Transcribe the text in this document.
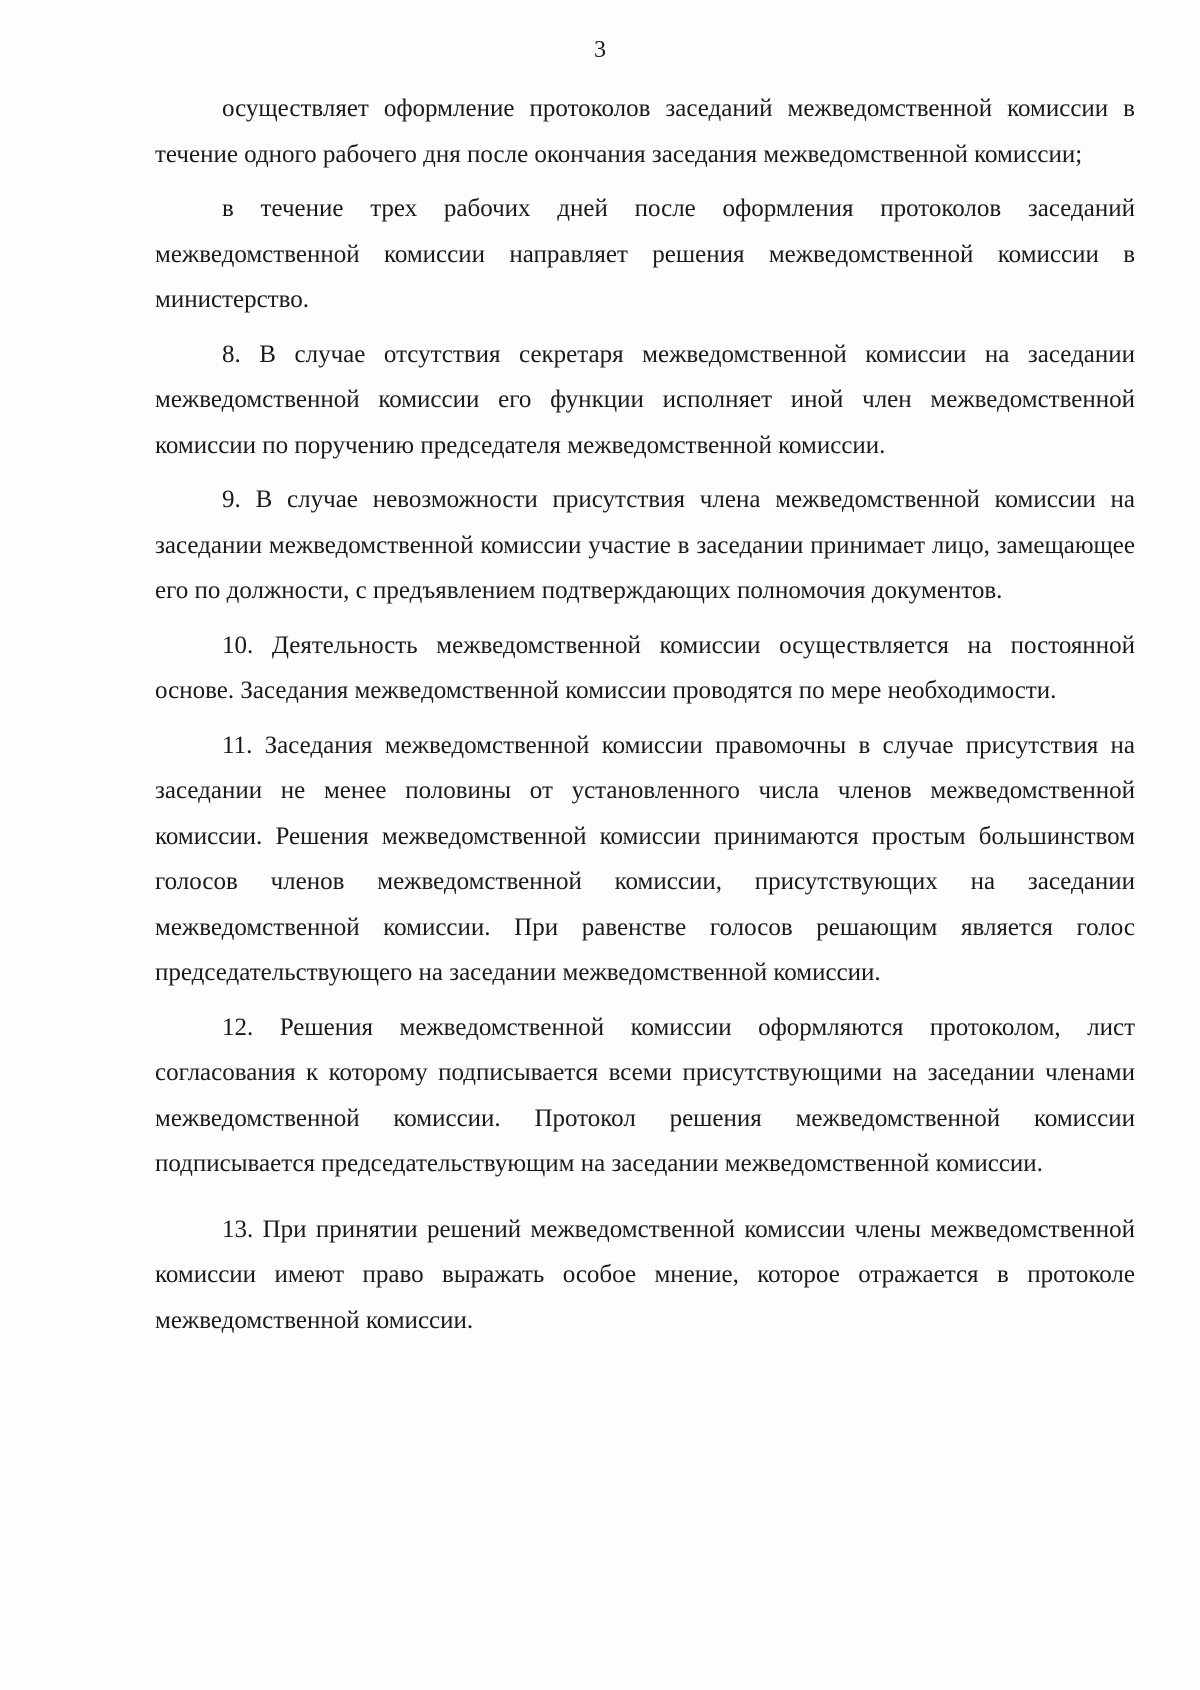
3

осуществляет оформление протоколов заседаний межведомственной комиссии в течение одного рабочего дня после окончания заседания межведомственной комиссии;

в течение трех рабочих дней после оформления протоколов заседаний межведомственной комиссии направляет решения межведомственной комиссии в министерство.

8. В случае отсутствия секретаря межведомственной комиссии на заседании межведомственной комиссии его функции исполняет иной член межведомственной комиссии по поручению председателя межведомственной комиссии.

9. В случае невозможности присутствия члена межведомственной комиссии на заседании межведомственной комиссии участие в заседании принимает лицо, замещающее его по должности, с предъявлением подтверждающих полномочия документов.

10. Деятельность межведомственной комиссии осуществляется на постоянной основе. Заседания межведомственной комиссии проводятся по мере необходимости.

11. Заседания межведомственной комиссии правомочны в случае присутствия на заседании не менее половины от установленного числа членов межведомственной комиссии. Решения межведомственной комиссии принимаются простым большинством голосов членов межведомственной комиссии, присутствующих на заседании межведомственной комиссии. При равенстве голосов решающим является голос председательствующего на заседании межведомственной комиссии.

12. Решения межведомственной комиссии оформляются протоколом, лист согласования к которому подписывается всеми присутствующими на заседании членами межведомственной комиссии. Протокол решения межведомственной комиссии подписывается председательствующим на заседании межведомственной комиссии.

13. При принятии решений межведомственной комиссии члены межведомственной комиссии имеют право выражать особое мнение, которое отражается в протоколе межведомственной комиссии.
